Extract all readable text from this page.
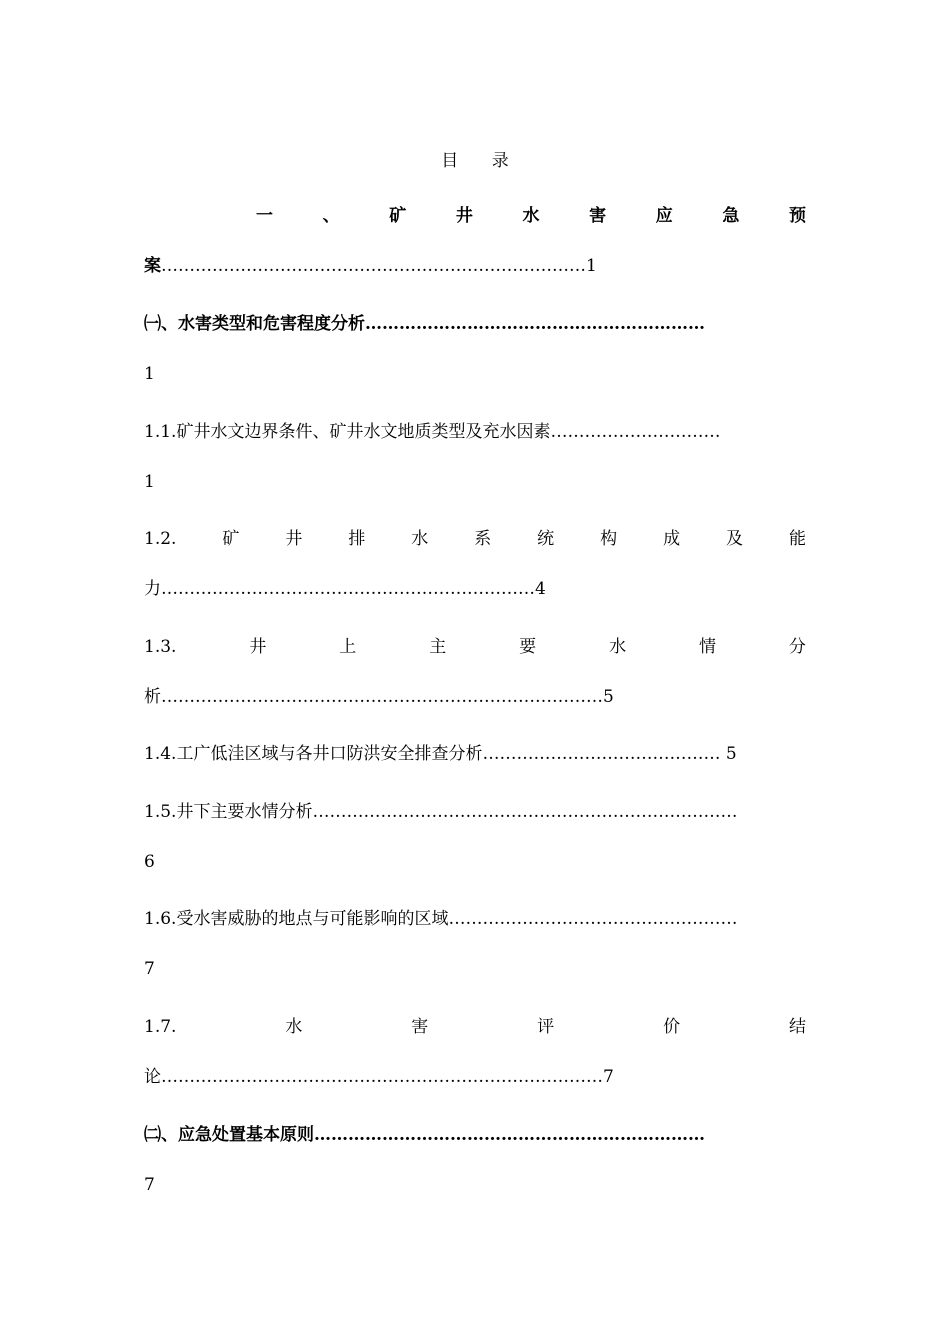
目 录
一	、	矿	井	水	害	应	急	预
案…………………………………………………………………1
㈠、水害类型和危害程度分析……………………………………………………
1
1.1.矿井水文边界条件、矿井水文地质类型及充水因素…………………………
1
1.2.	矿	井	排	水	系	统	构	成	及	能
力…………………………………………………………4
1.3.	井	上	主	要	水	情	分
析……………………………………………………………………5
1.4.工广低洼区域与各井口防洪安全排查分析…………………………………… 5
1.5.井下主要水情分析…………………………………………………………………
6
1.6.受水害威胁的地点与可能影响的区域……………………………………………
7
1.7.	水	害	评	价	结
论……………………………………………………………………7
㈡、应急处置基本原则……………………………………………………………
7
